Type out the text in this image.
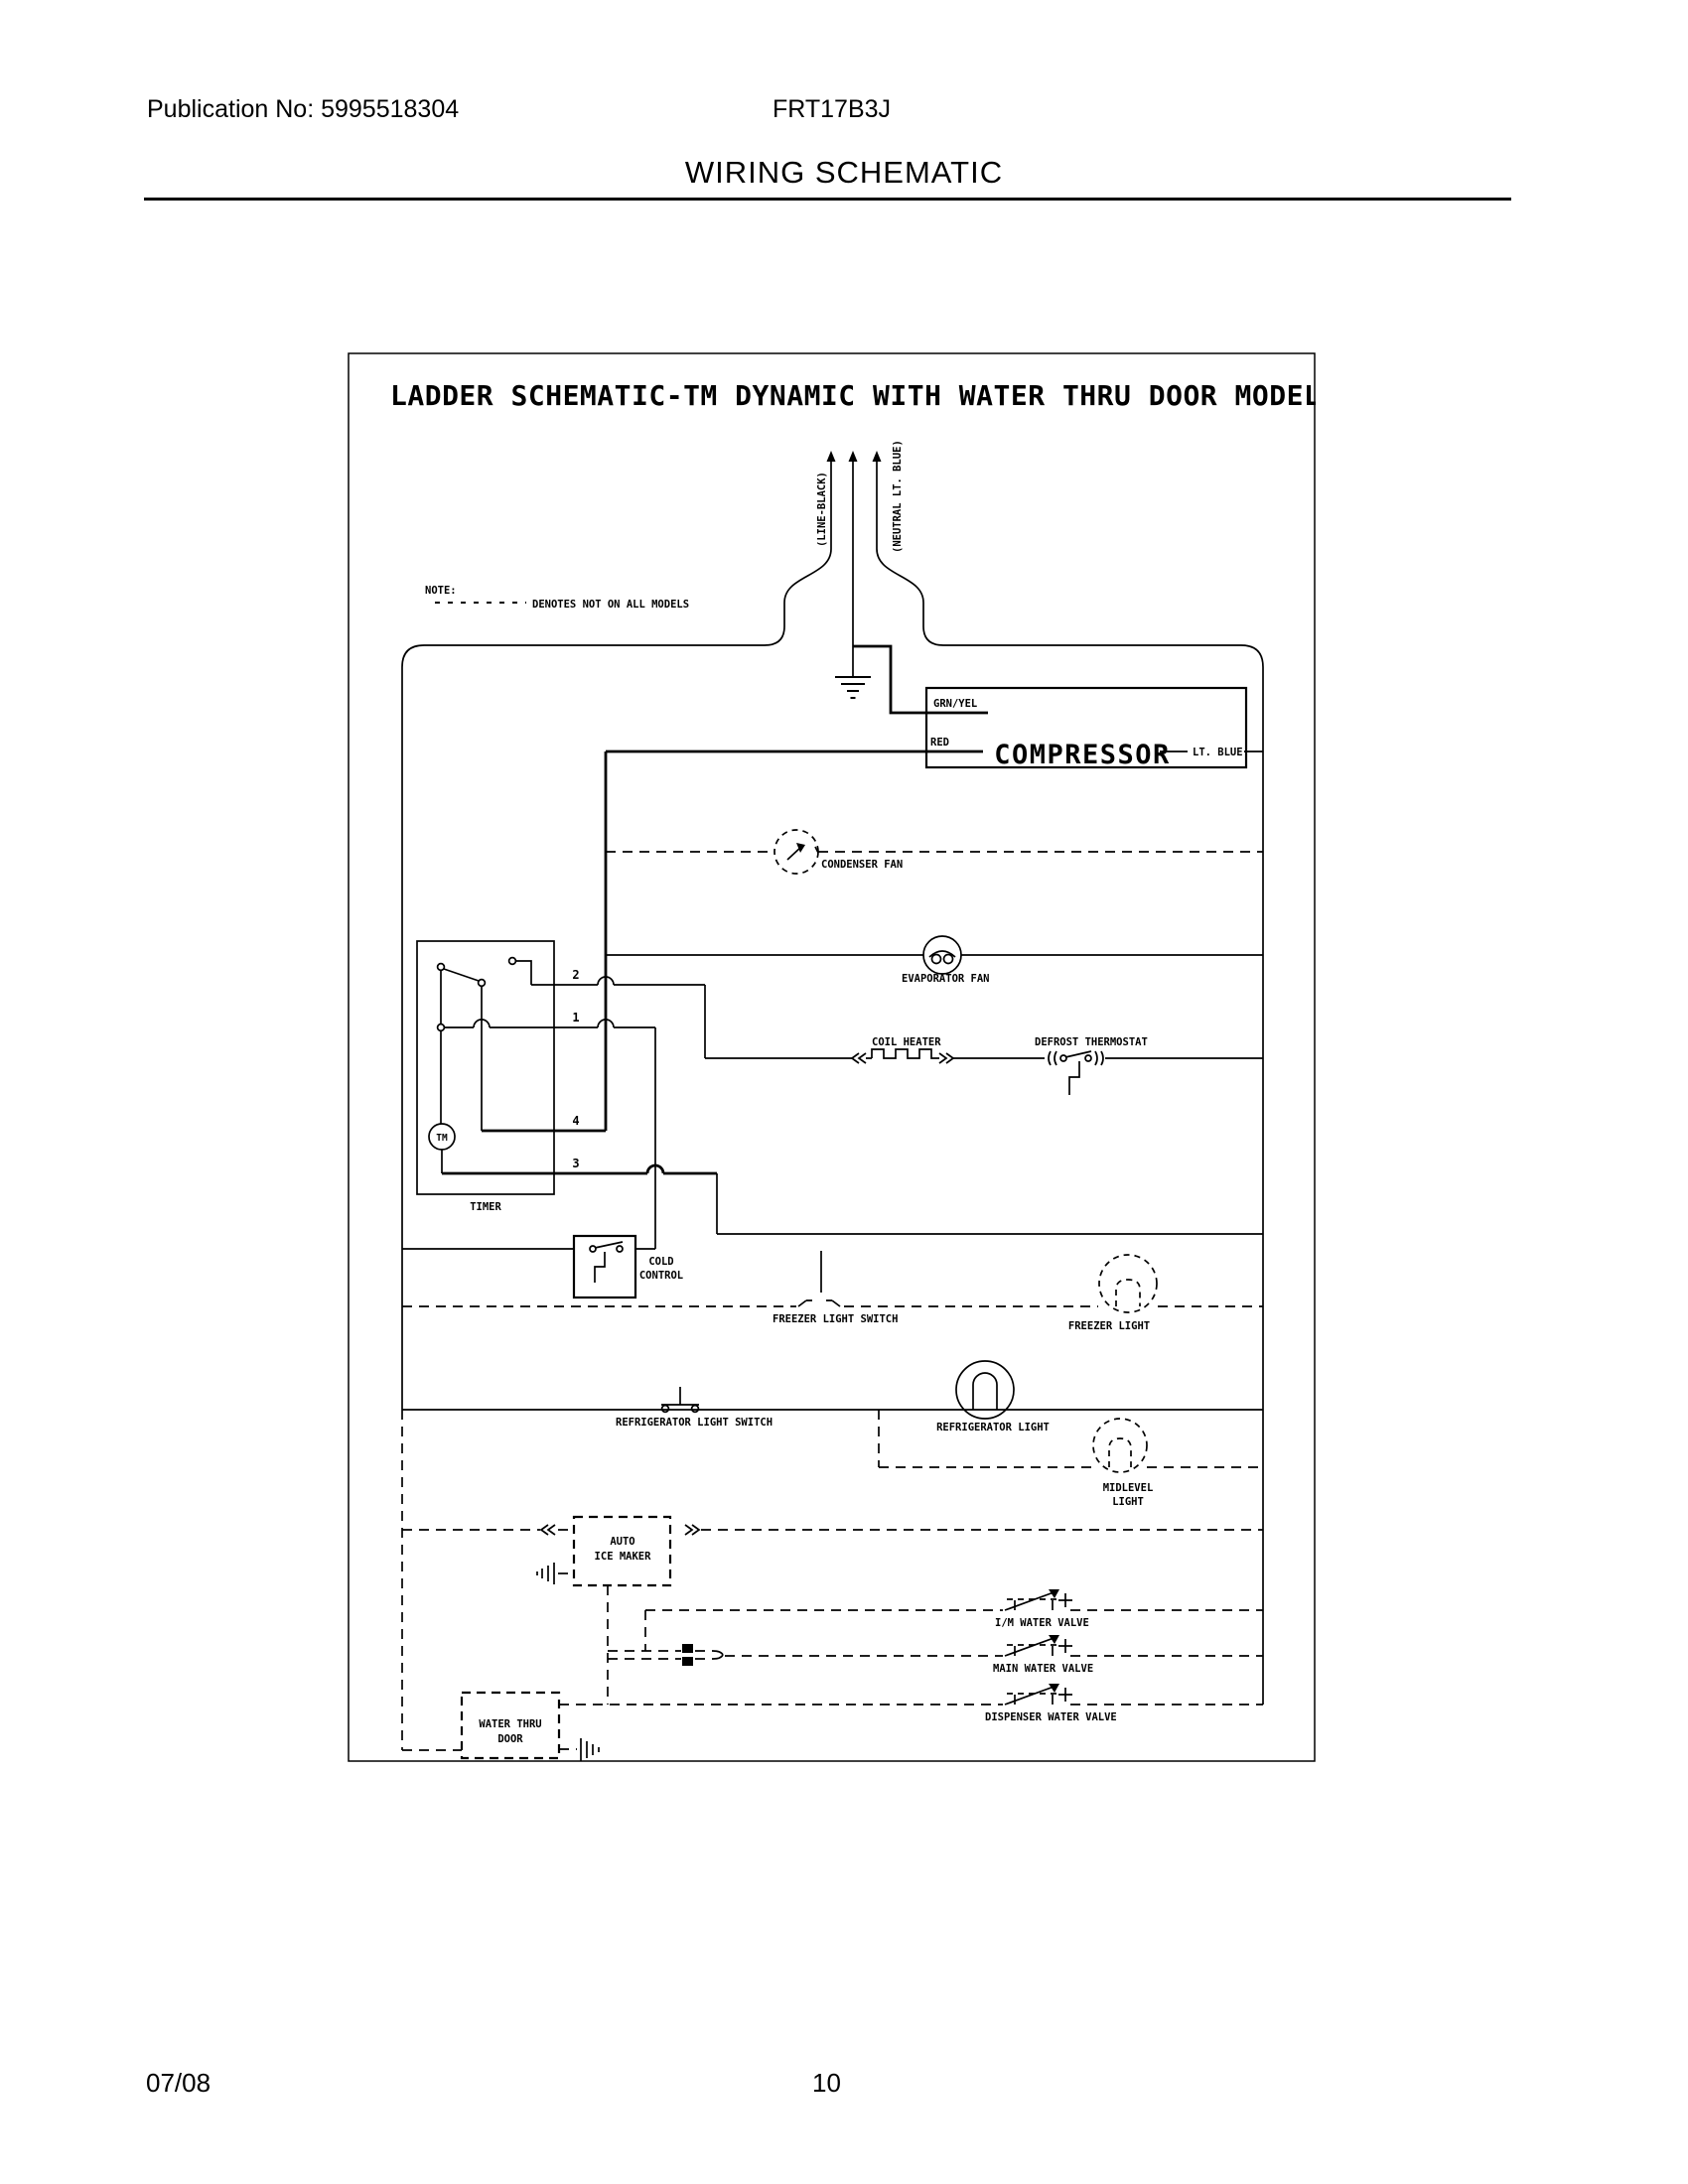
Publication No: 5995518304	FRT17B3J
WIRING SCHEMATIC
LADDER SCHEMATIC-TM DYNAMIC WITH WATER THRU DOOR MODELS
NOTE:
DENOTES NOT ON ALL MODELS
(LINE-BLACK)	(NEUTRAL LT. BLUE)
GRN/YEL
RED COMPRESSOR LT. BLUE
CONDENSER FAN
EVAPORATOR FAN
COIL HEATER	DEFROST THERMOSTAT
2
1
4
TM
3
TIMER
COLD
CONTROL
FREEZER LIGHT SWITCH
FREEZER LIGHT
REFRIGERATOR LIGHT SWITCH	REFRIGERATOR LIGHT
MIDLEVEL
LIGHT
AUTO
ICE MAKER
I/M WATER VALVE
MAIN WATER VALVE
DISPENSER WATER VALVE
WATER THRU
DOOR
07/08	10
